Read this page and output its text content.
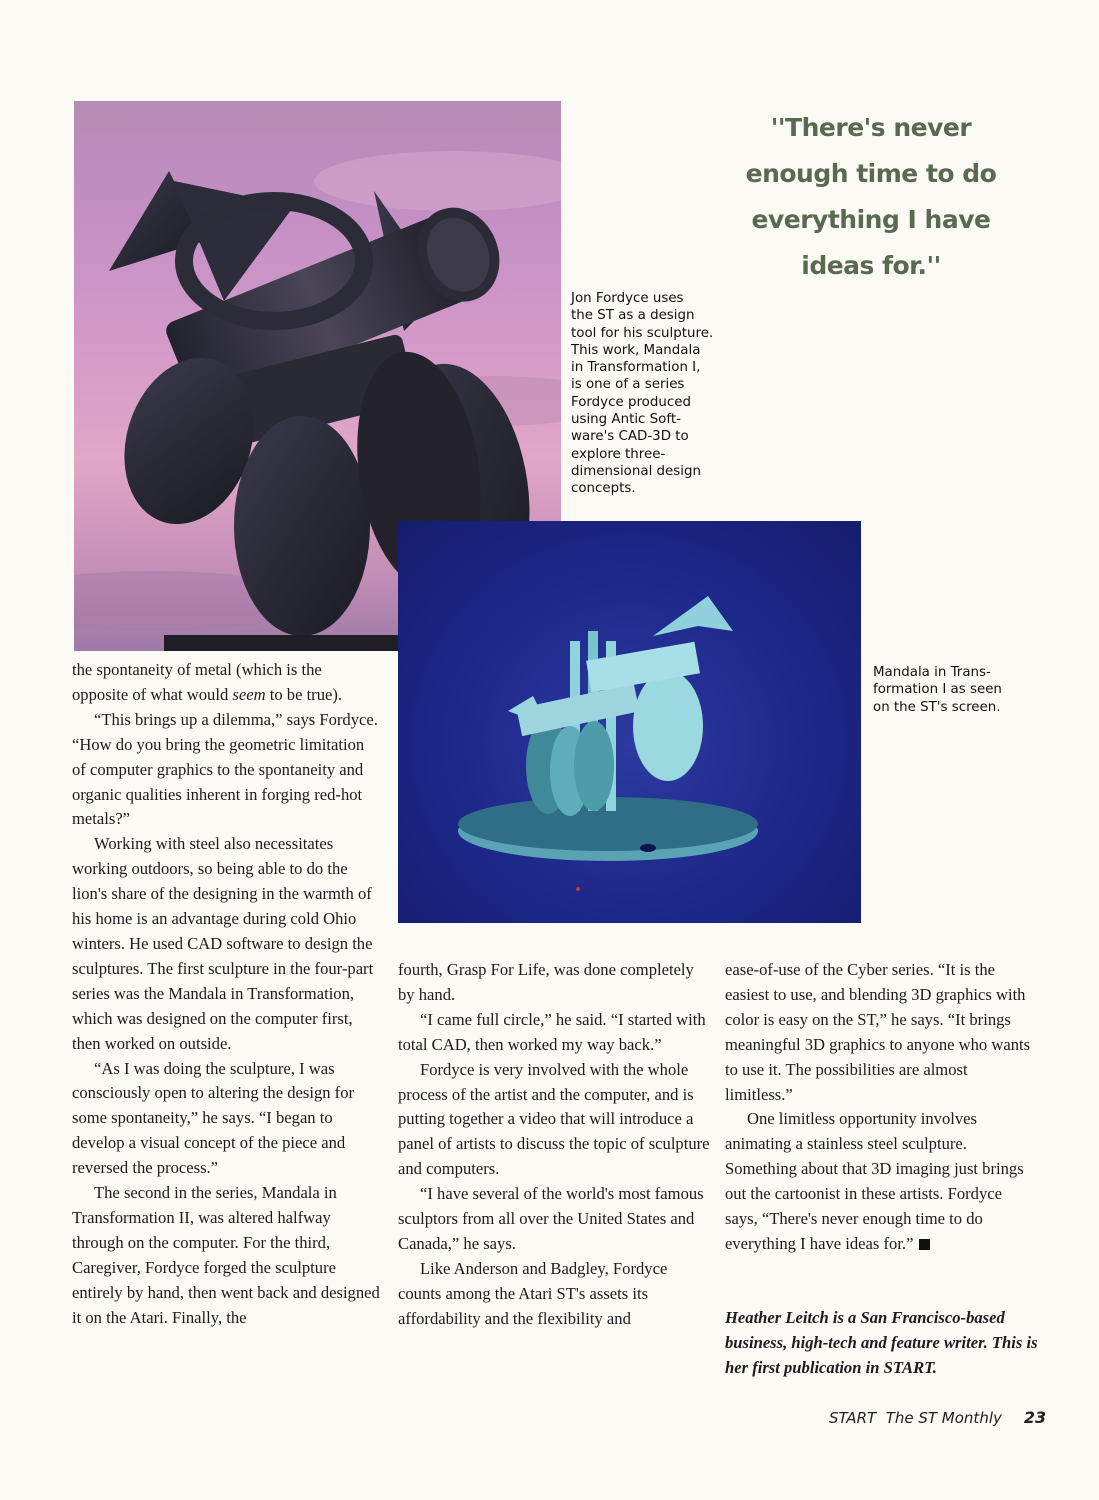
Jon Fordyce uses
the ST as a design
tool for his sculpture.
This work, Mandala
in Transformation I,
is one of a series
Fordyce produced
using Antic Soft-
ware's CAD-3D to
explore three-
dimensional design
concepts.
Mandala in Trans-
formation I as seen
on the ST's screen.
''There's never
enough time to do
everything I have
ideas for.''

the spontaneity of metal (which is the opposite of what would seem to be true).

“This brings up a dilemma,” says Fordyce. “How do you bring the geometric limitation of computer graphics to the spontaneity and organic qualities inherent in forging red-hot metals?”

Working with steel also necessitates working outdoors, so being able to do the lion's share of the designing in the warmth of his home is an advantage during cold Ohio winters. He used CAD software to design the sculptures. The first sculpture in the four-part series was the Mandala in Transformation, which was designed on the computer first, then worked on outside.

“As I was doing the sculpture, I was consciously open to altering the design for some spontaneity,” he says. “I began to develop a visual concept of the piece and reversed the process.”

The second in the series, Mandala in Transformation II, was altered halfway through on the computer. For the third, Caregiver, Fordyce forged the sculpture entirely by hand, then went back and designed it on the Atari. Finally, the

fourth, Grasp For Life, was done completely by hand.

“I came full circle,” he said. “I started with total CAD, then worked my way back.”

Fordyce is very involved with the whole process of the artist and the computer, and is putting together a video that will introduce a panel of artists to discuss the topic of sculpture and computers.

“I have several of the world's most famous sculptors from all over the United States and Canada,” he says.

Like Anderson and Badgley, Fordyce counts among the Atari ST's assets its affordability and the flexibility and

ease-of-use of the Cyber series. “It is the easiest to use, and blending 3D graphics with color is easy on the ST,” he says. “It brings meaningful 3D graphics to anyone who wants to use it. The possibilities are almost limitless.”

One limitless opportunity involves animating a stainless steel sculpture. Something about that 3D imaging just brings out the cartoonist in these artists. Fordyce says, “There's never enough time to do everything I have ideas for.”

Heather Leitch is a San Francisco-based business, high-tech and feature writer. This is her first publication in START.
START  The ST Monthly 23
